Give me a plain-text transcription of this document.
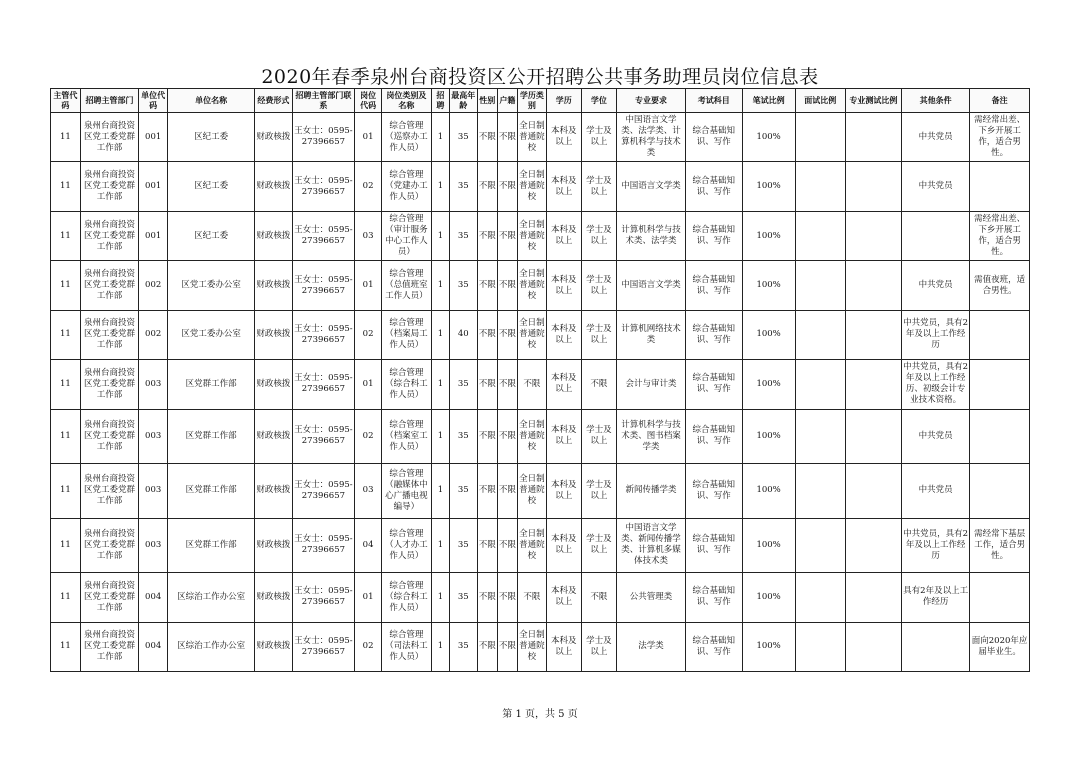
2020年春季泉州台商投资区公开招聘公共事务助理员岗位信息表
主管代码	招聘主管部门	单位代码	单位名称	经费形式	招聘主管部门联系	岗位代码	岗位类别及名称	招聘	最高年龄	性别	户籍	学历类别	学历	学位	专业要求	考试科目	笔试比例	面试比例	专业测试比例	其他条件	备注
11	泉州台商投资区党工委党群工作部	001	区纪工委	财政核拨	王女士：0595-27396657	01	综合管理（巡察办工作人员）	1	35	不限	不限	全日制普通院校	本科及以上	学士及以上	中国语言文学类、法学类、计算机科学与技术类	综合基础知识、写作	100%			中共党员	需经常出差、下乡开展工作，适合男性。
11	泉州台商投资区党工委党群工作部	001	区纪工委	财政核拨	王女士：0595-27396657	02	综合管理（党建办工作人员）	1	35	不限	不限	全日制普通院校	本科及以上	学士及以上	中国语言文学类	综合基础知识、写作	100%			中共党员	
11	泉州台商投资区党工委党群工作部	001	区纪工委	财政核拨	王女士：0595-27396657	03	综合管理（审计服务中心工作人员）	1	35	不限	不限	全日制普通院校	本科及以上	学士及以上	计算机科学与技术类、法学类	综合基础知识、写作	100%				需经常出差、下乡开展工作，适合男性。
11	泉州台商投资区党工委党群工作部	002	区党工委办公室	财政核拨	王女士：0595-27396657	01	综合管理（总值班室工作人员）	1	35	不限	不限	全日制普通院校	本科及以上	学士及以上	中国语言文学类	综合基础知识、写作	100%			中共党员	需值夜班，适合男性。
11	泉州台商投资区党工委党群工作部	002	区党工委办公室	财政核拨	王女士：0595-27396657	02	综合管理（档案局工作人员）	1	40	不限	不限	全日制普通院校	本科及以上	学士及以上	计算机网络技术类	综合基础知识、写作	100%			中共党员，具有2年及以上工作经历	
11	泉州台商投资区党工委党群工作部	003	区党群工作部	财政核拨	王女士：0595-27396657	01	综合管理（综合科工作人员）	1	35	不限	不限	不限	本科及以上	不限	会计与审计类	综合基础知识、写作	100%			中共党员，具有2年及以上工作经历、初级会计专业技术资格。	
11	泉州台商投资区党工委党群工作部	003	区党群工作部	财政核拨	王女士：0595-27396657	02	综合管理（档案室工作人员）	1	35	不限	不限	全日制普通院校	本科及以上	学士及以上	计算机科学与技术类、图书档案学类	综合基础知识、写作	100%			中共党员	
11	泉州台商投资区党工委党群工作部	003	区党群工作部	财政核拨	王女士：0595-27396657	03	综合管理（融媒体中心广播电视编导）	1	35	不限	不限	全日制普通院校	本科及以上	学士及以上	新闻传播学类	综合基础知识、写作	100%			中共党员	
11	泉州台商投资区党工委党群工作部	003	区党群工作部	财政核拨	王女士：0595-27396657	04	综合管理（人才办工作人员）	1	35	不限	不限	全日制普通院校	本科及以上	学士及以上	中国语言文学类、新闻传播学类、计算机多媒体技术类	综合基础知识、写作	100%			中共党员，具有2年及以上工作经历	需经常下基层工作，适合男性。
11	泉州台商投资区党工委党群工作部	004	区综治工作办公室	财政核拨	王女士：0595-27396657	01	综合管理（综合科工作人员）	1	35	不限	不限	不限	本科及以上	不限	公共管理类	综合基础知识、写作	100%			具有2年及以上工作经历	
11	泉州台商投资区党工委党群工作部	004	区综治工作办公室	财政核拨	王女士：0595-27396657	02	综合管理（司法科工作人员）	1	35	不限	不限	全日制普通院校	本科及以上	学士及以上	法学类	综合基础知识、写作	100%				面向2020年应届毕业生。
第 1 页，共 5 页
